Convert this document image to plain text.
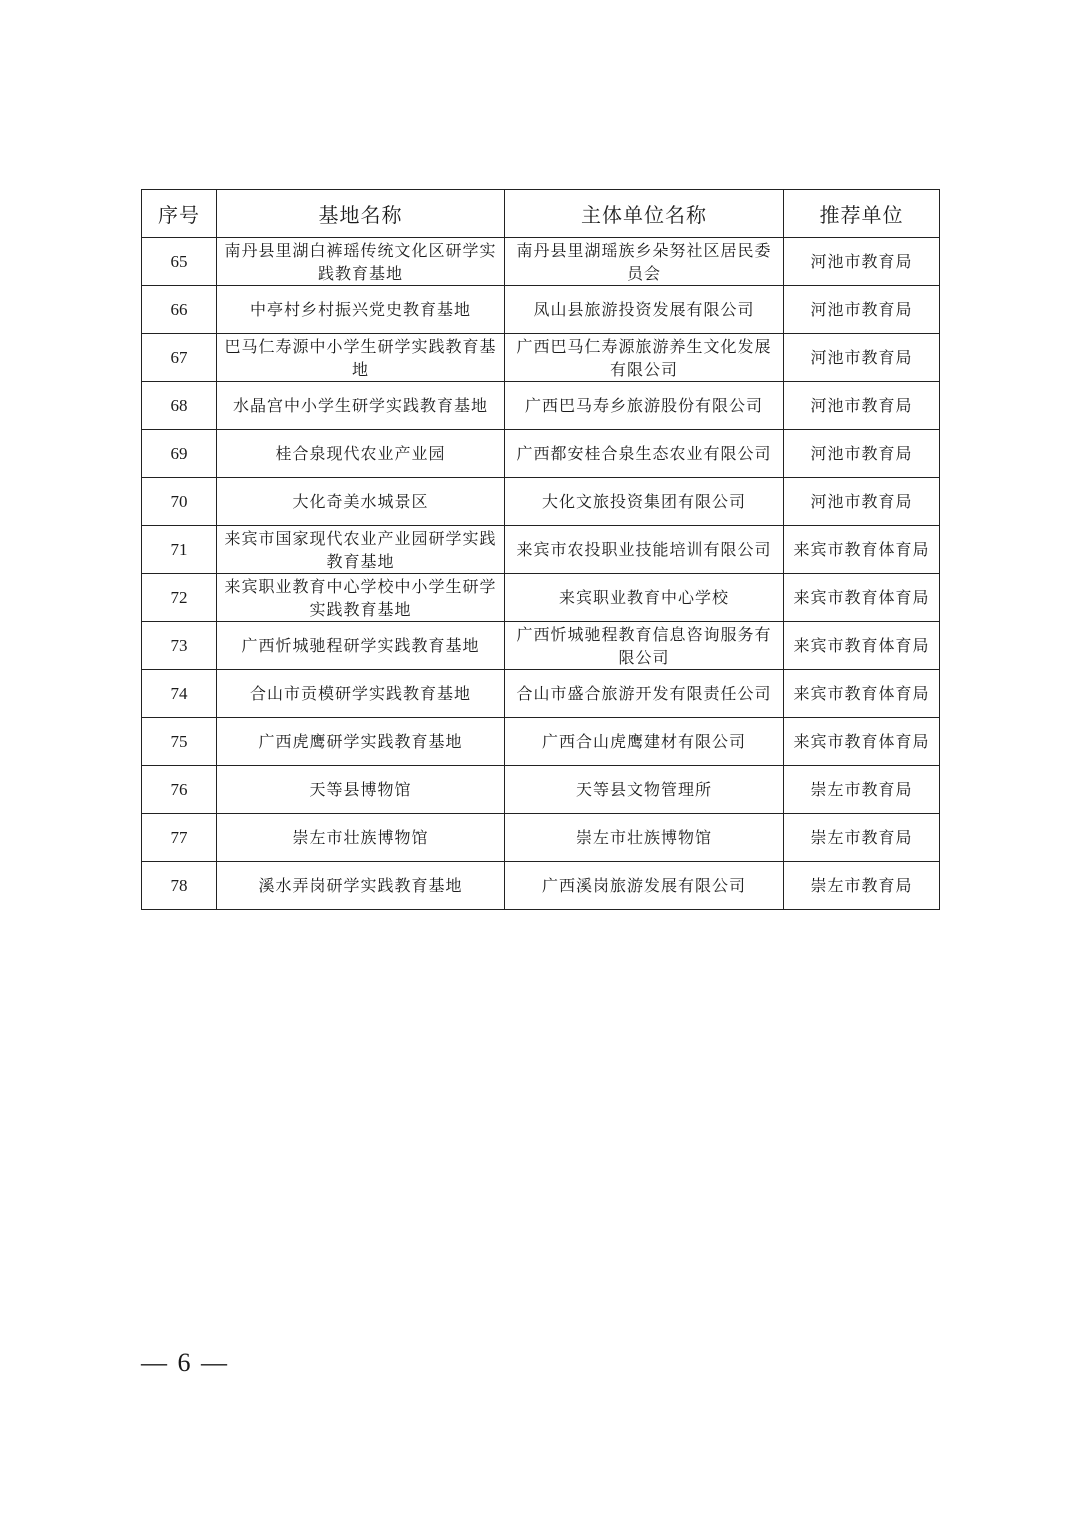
序号	基地名称	主体单位名称	推荐单位
65	南丹县里湖白裤瑶传统文化区研学实践教育基地	南丹县里湖瑶族乡朵努社区居民委员会	河池市教育局
66	中亭村乡村振兴党史教育基地	凤山县旅游投资发展有限公司	河池市教育局
67	巴马仁寿源中小学生研学实践教育基地	广西巴马仁寿源旅游养生文化发展有限公司	河池市教育局
68	水晶宫中小学生研学实践教育基地	广西巴马寿乡旅游股份有限公司	河池市教育局
69	桂合泉现代农业产业园	广西都安桂合泉生态农业有限公司	河池市教育局
70	大化奇美水城景区	大化文旅投资集团有限公司	河池市教育局
71	来宾市国家现代农业产业园研学实践教育基地	来宾市农投职业技能培训有限公司	来宾市教育体育局
72	来宾职业教育中心学校中小学生研学实践教育基地	来宾职业教育中心学校	来宾市教育体育局
73	广西忻城驰程研学实践教育基地	广西忻城驰程教育信息咨询服务有限公司	来宾市教育体育局
74	合山市贡模研学实践教育基地	合山市盛合旅游开发有限责任公司	来宾市教育体育局
75	广西虎鹰研学实践教育基地	广西合山虎鹰建材有限公司	来宾市教育体育局
76	天等县博物馆	天等县文物管理所	崇左市教育局
77	崇左市壮族博物馆	崇左市壮族博物馆	崇左市教育局
78	溪水弄岗研学实践教育基地	广西溪岗旅游发展有限公司	崇左市教育局
— 6 —
